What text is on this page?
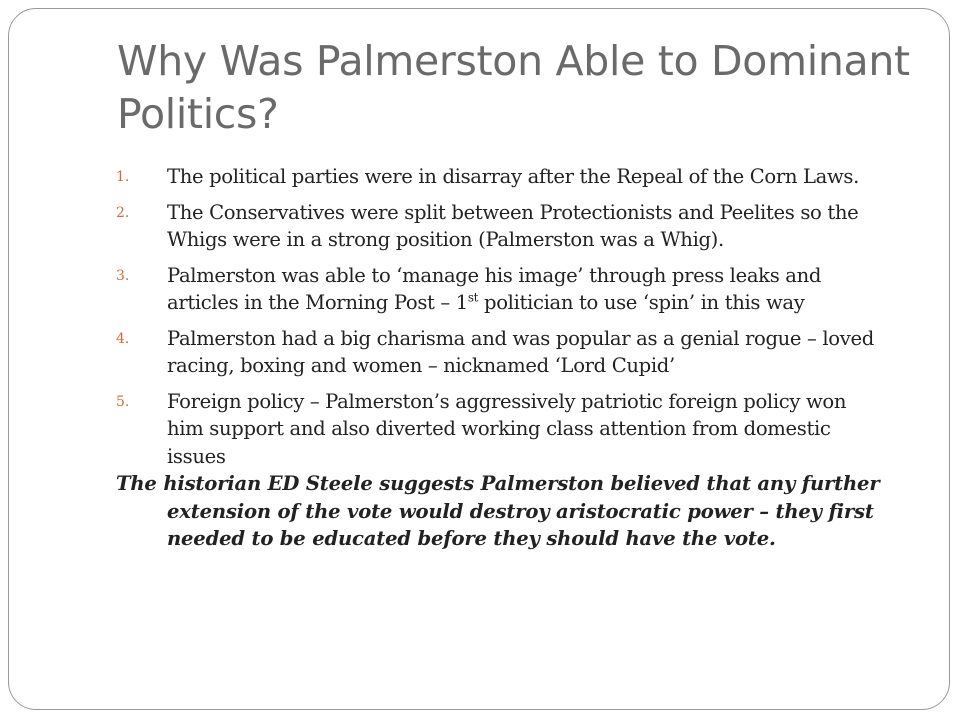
Why Was Palmerston Able to Dominant Politics?
1. The political parties were in disarray after the Repeal of the Corn Laws.
2. The Conservatives were split between Protectionists and Peelites so the Whigs were in a strong position (Palmerston was a Whig).
3. Palmerston was able to ‘manage his image’ through press leaks and articles in the Morning Post – 1st politician to use ‘spin’ in this way
4. Palmerston had a big charisma and was popular as a genial rogue – loved racing, boxing and women – nicknamed ‘Lord Cupid’
5. Foreign policy – Palmerston’s aggressively patriotic foreign policy won him support and also diverted working class attention from domestic issues

The historian ED Steele suggests Palmerston believed that any further extension of the vote would destroy aristocratic power – they first needed to be educated before they should have the vote.
